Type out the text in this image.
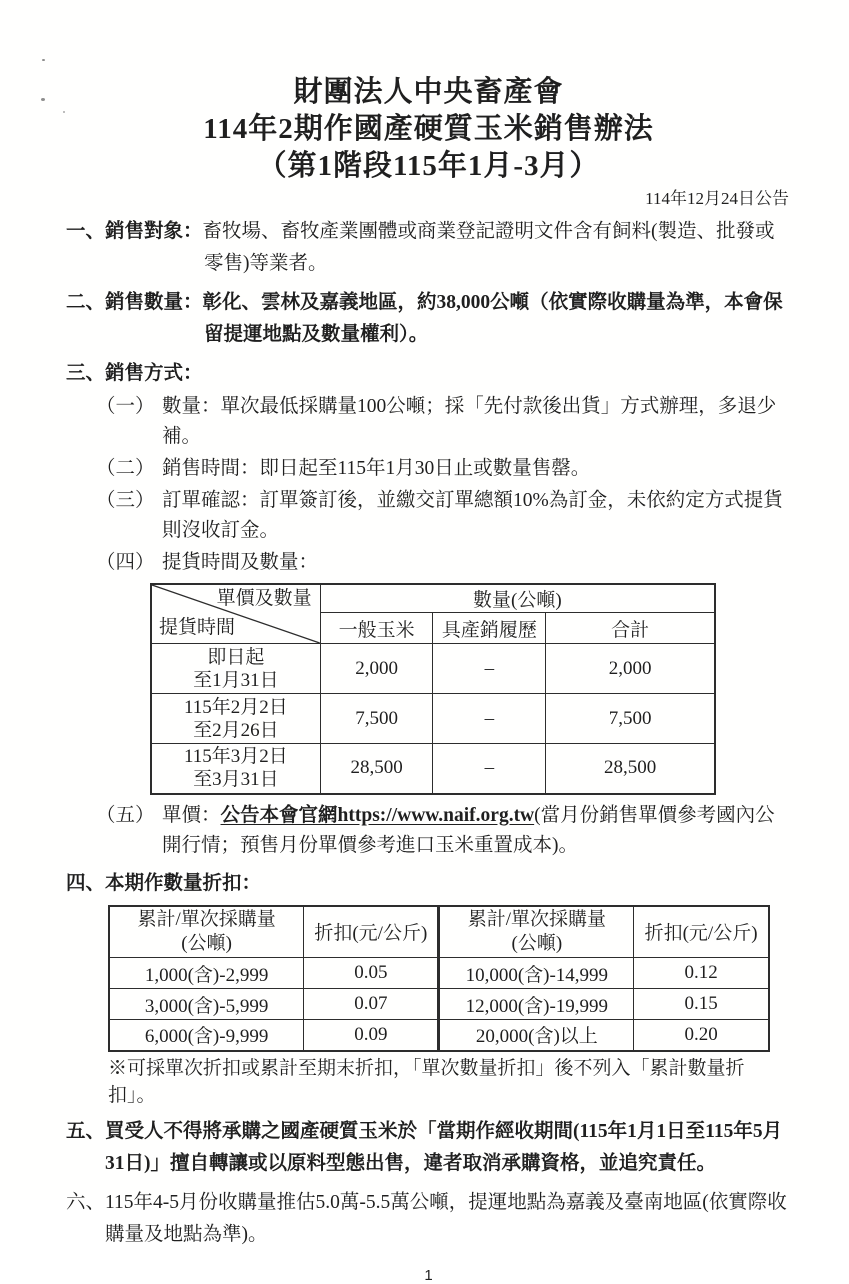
財團法人中央畜產會
114年2期作國產硬質玉米銷售辦法
（第1階段115年1月-3月）
114年12月24日公告
一、 銷售對象：畜牧場、畜牧產業團體或商業登記證明文件含有飼料(製造、批發或零售)等業者。
二、 銷售數量：彰化、雲林及嘉義地區，約38,000公噸（依實際收購量為準，本會保留提運地點及數量權利）。
三、 銷售方式：
（一） 數量：單次最低採購量100公噸；採「先付款後出貨」方式辦理，多退少補。
（二） 銷售時間：即日起至115年1月30日止或數量售罄。
（三） 訂單確認：訂單簽訂後，並繳交訂單總額10%為訂金，未依約定方式提貨則沒收訂金。
（四） 提貨時間及數量：
單價及數量
提貨時間	數量(公噸)		
	一般玉米	具產銷履歷	合計

即日起
至1月31日	2,000	–	2,000

115年2月2日
至2月26日	7,500	–	7,500

115年3月2日
至3月31日	28,500	–	28,500
（五） 單價：公告本會官網https://www.naif.org.tw(當月份銷售單價參考國內公開行情；預售月份單價參考進口玉米重置成本)。
四、 本期作數量折扣：
累計/單次採購量
(公噸)	折扣(元/公斤)	累計/單次採購量
(公噸)	折扣(元/公斤)
1,000(含)-2,999	0.05	10,000(含)-14,999	0.12
3,000(含)-5,999	0.07	12,000(含)-19,999	0.15
6,000(含)-9,999	0.09	20,000(含)以上	0.20
※可採單次折扣或累計至期末折扣，「單次數量折扣」後不列入「累計數量折扣」。
五、 買受人不得將承購之國產硬質玉米於「當期作經收期間(115年1月1日至115年5月31日)」擅自轉讓或以原料型態出售，違者取消承購資格，並追究責任。
六、 115年4-5月份收購量推估5.0萬-5.5萬公噸，提運地點為嘉義及臺南地區(依實際收購量及地點為準)。
1
